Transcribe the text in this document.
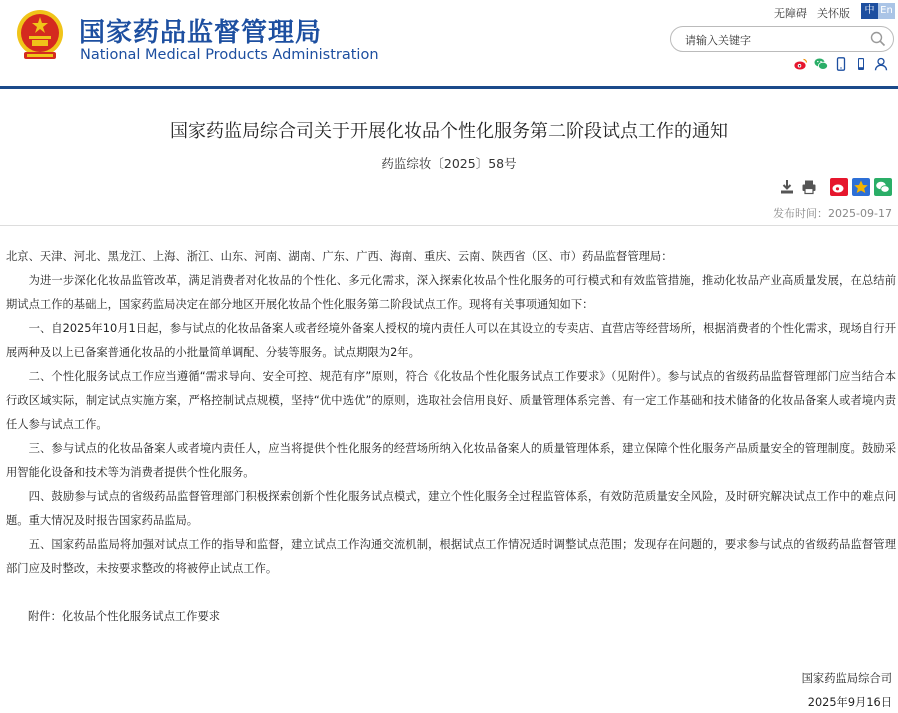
国家药品监督管理局
National Medical Products Administration
无障碍 关怀版	中 En
请输入关键字
国家药监局综合司关于开展化妆品个性化服务第二阶段试点工作的通知
药监综妆〔2025〕58号
发布时间：2025-09-17

北京、天津、河北、黑龙江、上海、浙江、山东、河南、湖南、广东、广西、海南、重庆、云南、陕西省（区、市）药品监督管理局：

为进一步深化化妆品监管改革，满足消费者对化妆品的个性化、多元化需求，深入探索化妆品个性化服务的可行模式和有效监管措施，推动化妆品产业高质量发展，在总结前期试点工作的基础上，国家药监局决定在部分地区开展化妆品个性化服务第二阶段试点工作。现将有关事项通知如下：

一、自2025年10月1日起，参与试点的化妆品备案人或者经境外备案人授权的境内责任人可以在其设立的专卖店、直营店等经营场所，根据消费者的个性化需求，现场自行开展两种及以上已备案普通化妆品的小批量简单调配、分装等服务。试点期限为2年。

二、个性化服务试点工作应当遵循“需求导向、安全可控、规范有序”原则，符合《化妆品个性化服务试点工作要求》（见附件）。参与试点的省级药品监督管理部门应当结合本行政区域实际，制定试点实施方案，严格控制试点规模，坚持“优中选优”的原则，选取社会信用良好、质量管理体系完善、有一定工作基础和技术储备的化妆品备案人或者境内责任人参与试点工作。

三、参与试点的化妆品备案人或者境内责任人，应当将提供个性化服务的经营场所纳入化妆品备案人的质量管理体系，建立保障个性化服务产品质量安全的管理制度。鼓励采用智能化设备和技术等为消费者提供个性化服务。

四、鼓励参与试点的省级药品监督管理部门积极探索创新个性化服务试点模式，建立个性化服务全过程监管体系，有效防范质量安全风险，及时研究解决试点工作中的难点问题。重大情况及时报告国家药品监局。

五、国家药品监局将加强对试点工作的指导和监督，建立试点工作沟通交流机制，根据试点工作情况适时调整试点范围；发现存在问题的，要求参与试点的省级药品监督管理部门应及时整改，未按要求整改的将被停止试点工作。

附件：化妆品个性化服务试点工作要求

国家药监局综合司
2025年9月16日
